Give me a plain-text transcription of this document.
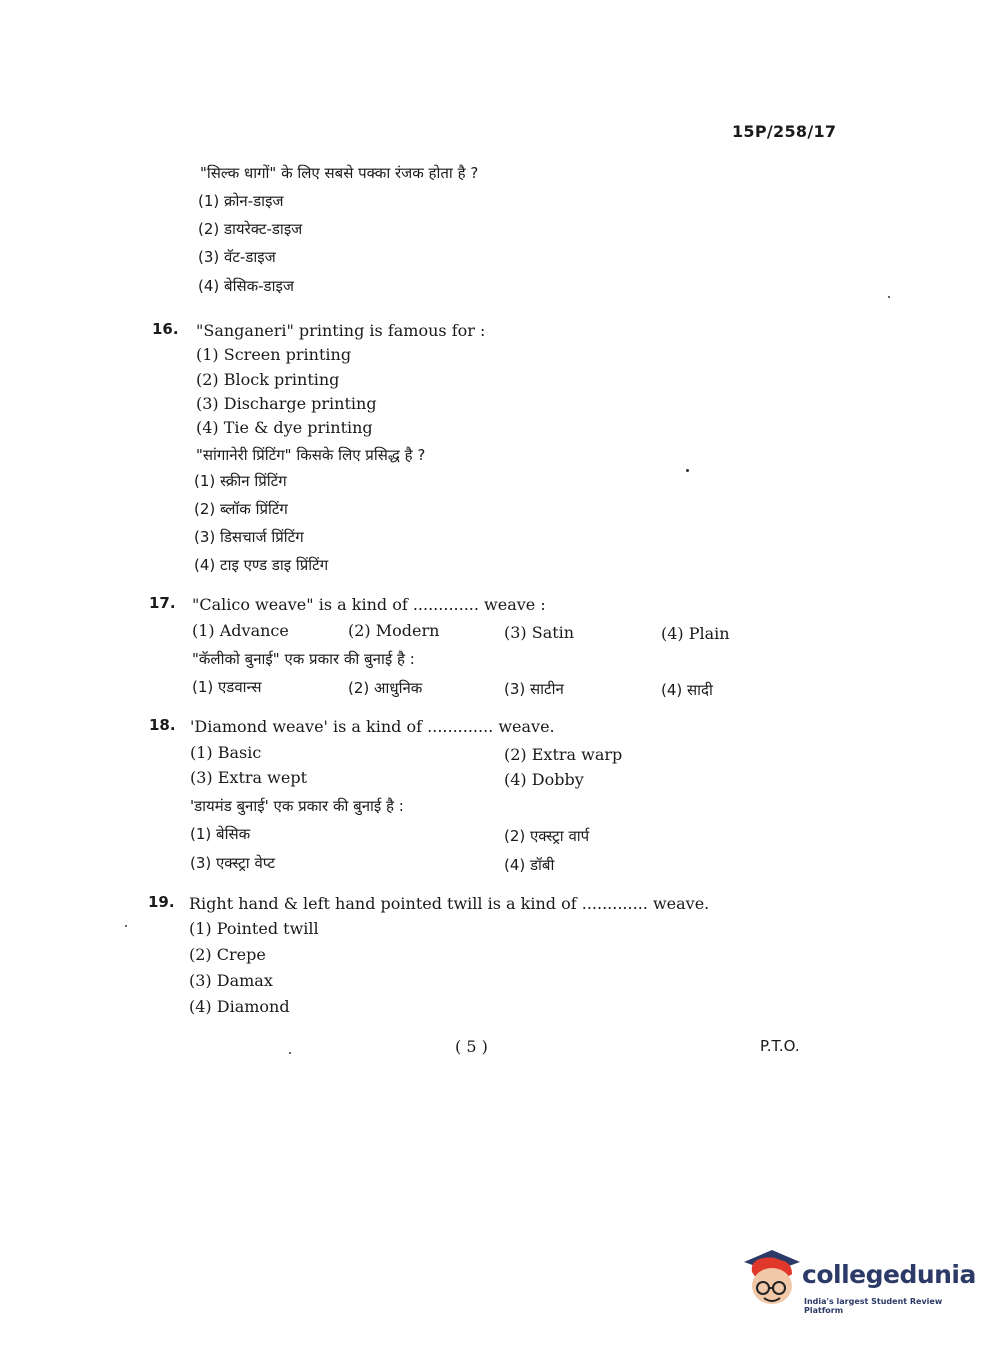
15P/258/17
"सिल्क धागों" के लिए सबसे पक्का रंजक होता है ?
(1) क्रोन-डाइज
(2) डायरेक्ट-डाइज
(3) वॅट-डाइज
(4) बेसिक-डाइज
16. "Sanganeri" printing is famous for :
(1) Screen printing
(2) Block printing
(3) Discharge printing
(4) Tie & dye printing
"सांगानेरी प्रिंटिंग" किसके लिए प्रसिद्ध है ?
(1) स्क्रीन प्रिंटिंग
(2) ब्लॉक प्रिंटिंग
(3) डिसचार्ज प्रिंटिंग
(4) टाइ एण्ड डाइ प्रिंटिंग
17. "Calico weave" is a kind of ............. weave :
(1) Advance	(2) Modern	(3) Satin	(4) Plain
"कॅलीको बुनाई" एक प्रकार की बुनाई है :
(1) एडवान्स	(2) आधुनिक	(3) साटीन	(4) सादी
18. 'Diamond weave' is a kind of ............. weave.
(1) Basic	(2) Extra warp
(3) Extra wept	(4) Dobby
'डायमंड बुनाई' एक प्रकार की बुनाई है :
(1) बेसिक	(2) एक्स्ट्रा वार्प
(3) एक्स्ट्रा वेप्ट	(4) डॉबी
19. Right hand & left hand pointed twill is a kind of ............. weave.
(1) Pointed twill
(2) Crepe
(3) Damax
(4) Diamond
( 5 )	P.T.O.
collegedunia
India's largest Student Review Platform
